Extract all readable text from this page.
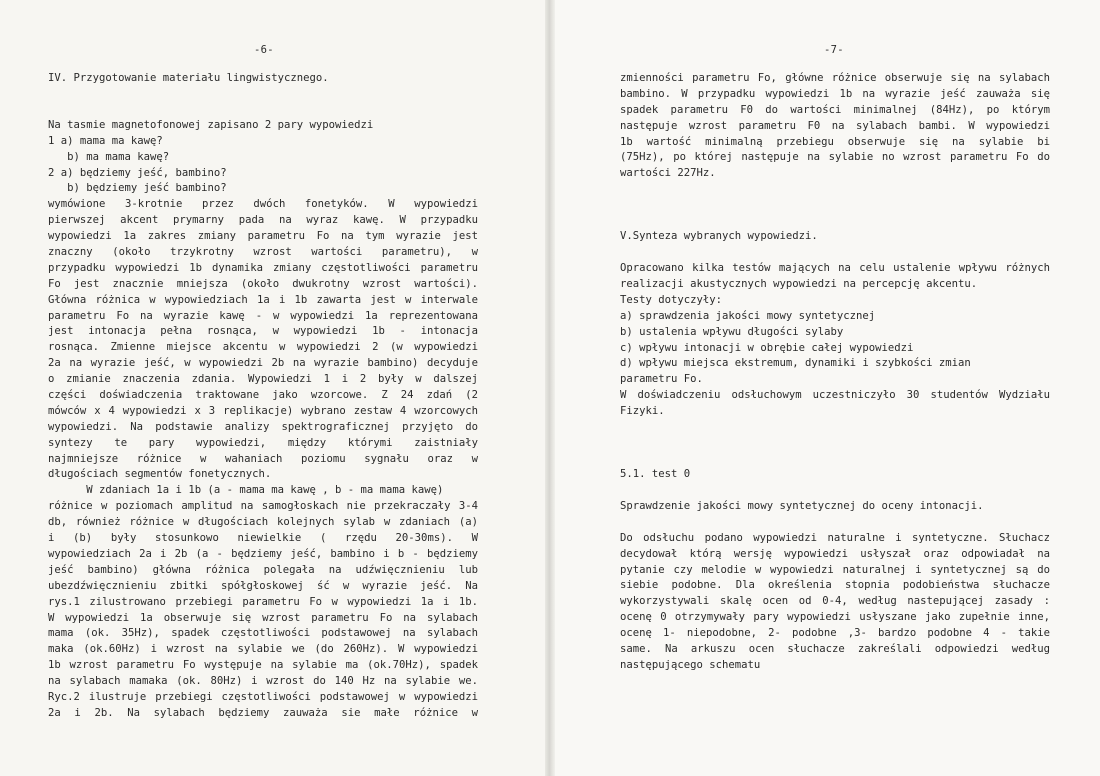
-6-
IV. Przygotowanie materiału lingwistycznego.
Na tasmie magnetofonowej zapisano 2 pary wypowiedzi
1 a) mama ma kawę?
b) ma mama kawę?
2 a) będziemy jeść, bambino?
b) będziemy jeść bambino?
wymówione 3-krotnie przez dwóch fonetyków. W wypowiedzi
pierwszej akcent prymarny pada na wyraz kawę. W przypadku
wypowiedzi 1a zakres zmiany parametru Fo na tym wyrazie jest
znaczny (około trzykrotny wzrost wartości parametru), w
przypadku wypowiedzi 1b dynamika zmiany częstotliwości parametru
Fo jest znacznie mniejsza (około dwukrotny wzrost wartości).
Główna różnica w wypowiedziach 1a i 1b zawarta jest w interwale
parametru Fo na wyrazie kawę - w wypowiedzi 1a reprezentowana
jest intonacja pełna rosnąca, w wypowiedzi 1b - intonacja
rosnąca. Zmienne miejsce akcentu w wypowiedzi 2 (w wypowiedzi
2a na wyrazie jeść, w wypowiedzi 2b na wyrazie bambino) decyduje
o zmianie znaczenia zdania. Wypowiedzi 1 i 2 były w dalszej
części doświadczenia traktowane jako wzorcowe. Z 24 zdań (2
mówców x 4 wypowiedzi x 3 replikacje) wybrano zestaw 4 wzorcowych
wypowiedzi. Na podstawie analizy spektrograficznej przyjęto do
syntezy te pary wypowiedzi, między którymi zaistniały
najmniejsze różnice w wahaniach poziomu sygnału oraz w
długościach segmentów fonetycznych.
W zdaniach 1a i 1b (a - mama ma kawę , b - ma mama kawę)
różnice w poziomach amplitud na samogłoskach nie przekraczały 3-4
db, również różnice w długościach kolejnych sylab w zdaniach (a)
i (b) były stosunkowo niewielkie ( rzędu 20-30ms). W
wypowiedziach 2a i 2b (a - będziemy jeść, bambino i b - będziemy
jeść bambino) główna różnica polegała na udźwięcznieniu lub
ubezdźwięcznieniu zbitki spółgłoskowej ść w wyrazie jeść. Na
rys.1 zilustrowano przebiegi parametru Fo w wypowiedzi 1a i 1b.
W wypowiedzi 1a obserwuje się wzrost parametru Fo na sylabach
mama (ok. 35Hz), spadek częstotliwości podstawowej na sylabach
maka (ok.60Hz) i wzrost na sylabie we (do 260Hz). W wypowiedzi
1b wzrost parametru Fo występuje na sylabie ma (ok.70Hz), spadek
na sylabach mamaka (ok. 80Hz) i wzrost do 140 Hz na sylabie we.
Ryc.2 ilustruje przebiegi częstotliwości podstawowej w wypowiedzi
2a i 2b. Na sylabach będziemy zauważa sie małe różnice w
-7-
zmienności parametru Fo, główne różnice obserwuje się na sylabach
bambino. W przypadku wypowiedzi 1b na wyrazie jeść zauważa się
spadek parametru F0 do wartości minimalnej (84Hz), po którym
następuje wzrost parametru F0 na sylabach bambi. W wypowiedzi
1b wartość minimalną przebiegu obserwuje się na sylabie bi
(75Hz), po której następuje na sylabie no wzrost parametru Fo do
wartości 227Hz.
V.Synteza wybranych wypowiedzi.
Opracowano kilka testów mających na celu ustalenie wpływu różnych
realizacji akustycznych wypowiedzi na percepcję akcentu.
Testy dotyczyły:
a) sprawdzenia jakości mowy syntetycznej
b) ustalenia wpływu długości sylaby
c) wpływu intonacji w obrębie całej wypowiedzi
d) wpływu miejsca ekstremum, dynamiki i szybkości zmian
parametru Fo.
W doświadczeniu odsłuchowym uczestniczyło 30 studentów Wydziału
Fizyki.
5.1. test 0
Sprawdzenie jakości mowy syntetycznej do oceny intonacji.
Do odsłuchu podano wypowiedzi naturalne i syntetyczne. Słuchacz
decydował którą wersję wypowiedzi usłyszał oraz odpowiadał na
pytanie czy melodie w wypowiedzi naturalnej i syntetycznej są do
siebie podobne. Dla określenia stopnia podobieństwa słuchacze
wykorzystywali skalę ocen od 0-4, według nastepującej zasady :
ocenę 0 otrzymywały pary wypowiedzi usłyszane jako zupełnie inne,
ocenę 1- niepodobne, 2- podobne ,3- bardzo podobne 4 - takie
same. Na arkuszu ocen słuchacze zakreślali odpowiedzi według
następującego schematu
